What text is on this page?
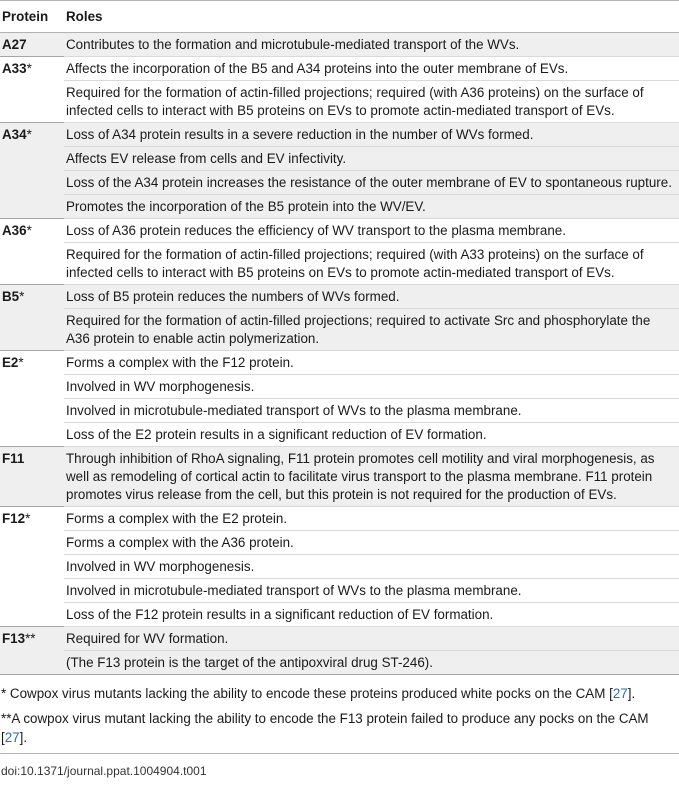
Protein	Roles
A27	Contributes to the formation and microtubule-mediated transport of the WVs.
A33*	Affects the incorporation of the B5 and A34 proteins into the outer membrane of EVs.
	Required for the formation of actin-filled projections; required (with A36 proteins) on the surface of infected cells to interact with B5 proteins on EVs to promote actin-mediated transport of EVs.
A34*	Loss of A34 protein results in a severe reduction in the number of WVs formed.
	Affects EV release from cells and EV infectivity.
	Loss of the A34 protein increases the resistance of the outer membrane of EV to spontaneous rupture.
	Promotes the incorporation of the B5 protein into the WV/EV.
A36*	Loss of A36 protein reduces the efficiency of WV transport to the plasma membrane.
	Required for the formation of actin-filled projections; required (with A33 proteins) on the surface of infected cells to interact with B5 proteins on EVs to promote actin-mediated transport of EVs.
B5*	Loss of B5 protein reduces the numbers of WVs formed.
	Required for the formation of actin-filled projections; required to activate Src and phosphorylate the A36 protein to enable actin polymerization.
E2*	Forms a complex with the F12 protein.
	Involved in WV morphogenesis.
	Involved in microtubule-mediated transport of WVs to the plasma membrane.
	Loss of the E2 protein results in a significant reduction of EV formation.
F11	Through inhibition of RhoA signaling, F11 protein promotes cell motility and viral morphogenesis, as well as remodeling of cortical actin to facilitate virus transport to the plasma membrane. F11 protein promotes virus release from the cell, but this protein is not required for the production of EVs.
F12*	Forms a complex with the E2 protein.
	Forms a complex with the A36 protein.
	Involved in WV morphogenesis.
	Involved in microtubule-mediated transport of WVs to the plasma membrane.
	Loss of the F12 protein results in a significant reduction of EV formation.
F13**	Required for WV formation.
	(The F13 protein is the target of the antipoxviral drug ST-246).
* Cowpox virus mutants lacking the ability to encode these proteins produced white pocks on the CAM [27].
**A cowpox virus mutant lacking the ability to encode the F13 protein failed to produce any pocks on the CAM [27].
doi:10.1371/journal.ppat.1004904.t001
